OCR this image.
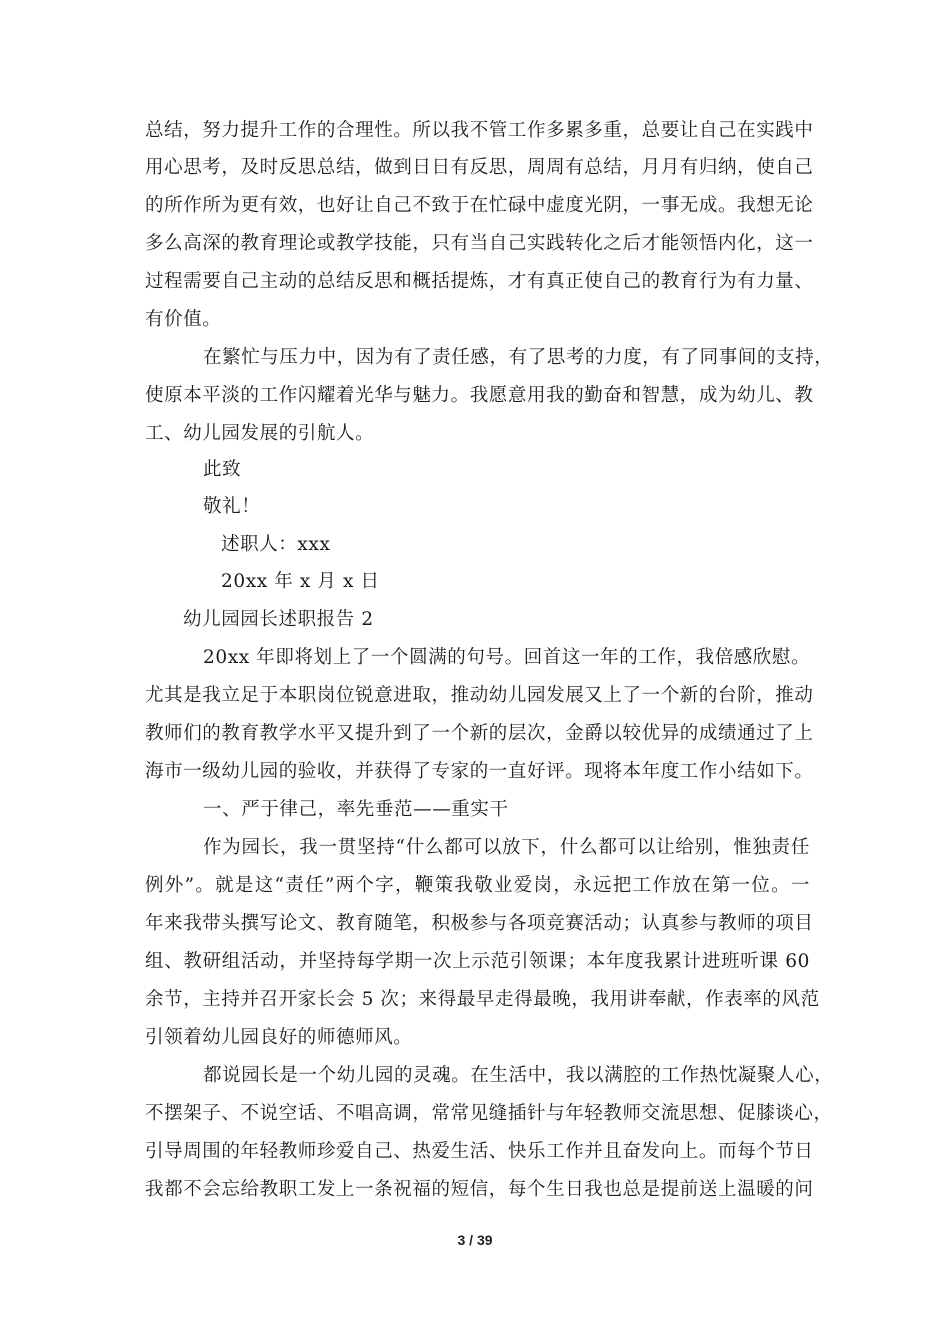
总结，努力提升工作的合理性。所以我不管工作多累多重，总要让自己在实践中
用心思考，及时反思总结，做到日日有反思，周周有总结，月月有归纳，使自己
的所作所为更有效，也好让自己不致于在忙碌中虚度光阴，一事无成。我想无论
多么高深的教育理论或教学技能，只有当自己实践转化之后才能领悟内化，这一
过程需要自己主动的总结反思和概括提炼，才有真正使自己的教育行为有力量、
有价值。
在繁忙与压力中，因为有了责任感，有了思考的力度，有了同事间的支持，
使原本平淡的工作闪耀着光华与魅力。我愿意用我的勤奋和智慧，成为幼儿、教
工、幼儿园发展的引航人。
此致
敬礼！
述职人：xxx
20xx 年 x 月 x 日
幼儿园园长述职报告 2
20xx 年即将划上了一个圆满的句号。回首这一年的工作，我倍感欣慰。
尤其是我立足于本职岗位锐意进取，推动幼儿园发展又上了一个新的台阶，推动
教师们的教育教学水平又提升到了一个新的层次，金爵以较优异的成绩通过了上
海市一级幼儿园的验收，并获得了专家的一直好评。现将本年度工作小结如下。
一、严于律己，率先垂范——重实干
作为园长，我一贯坚持“什么都可以放下，什么都可以让给别，惟独责任
例外”。就是这“责任”两个字，鞭策我敬业爱岗，永远把工作放在第一位。一
年来我带头撰写论文、教育随笔，积极参与各项竞赛活动；认真参与教师的项目
组、教研组活动，并坚持每学期一次上示范引领课；本年度我累计进班听课 60
余节，主持并召开家长会 5 次；来得最早走得最晚，我用讲奉献，作表率的风范
引领着幼儿园良好的师德师风。
都说园长是一个幼儿园的灵魂。在生活中，我以满腔的工作热忱凝聚人心，
不摆架子、不说空话、不唱高调，常常见缝插针与年轻教师交流思想、促膝谈心，
引导周围的年轻教师珍爱自己、热爱生活、快乐工作并且奋发向上。而每个节日
我都不会忘给教职工发上一条祝福的短信，每个生日我也总是提前送上温暖的问
3 / 39
